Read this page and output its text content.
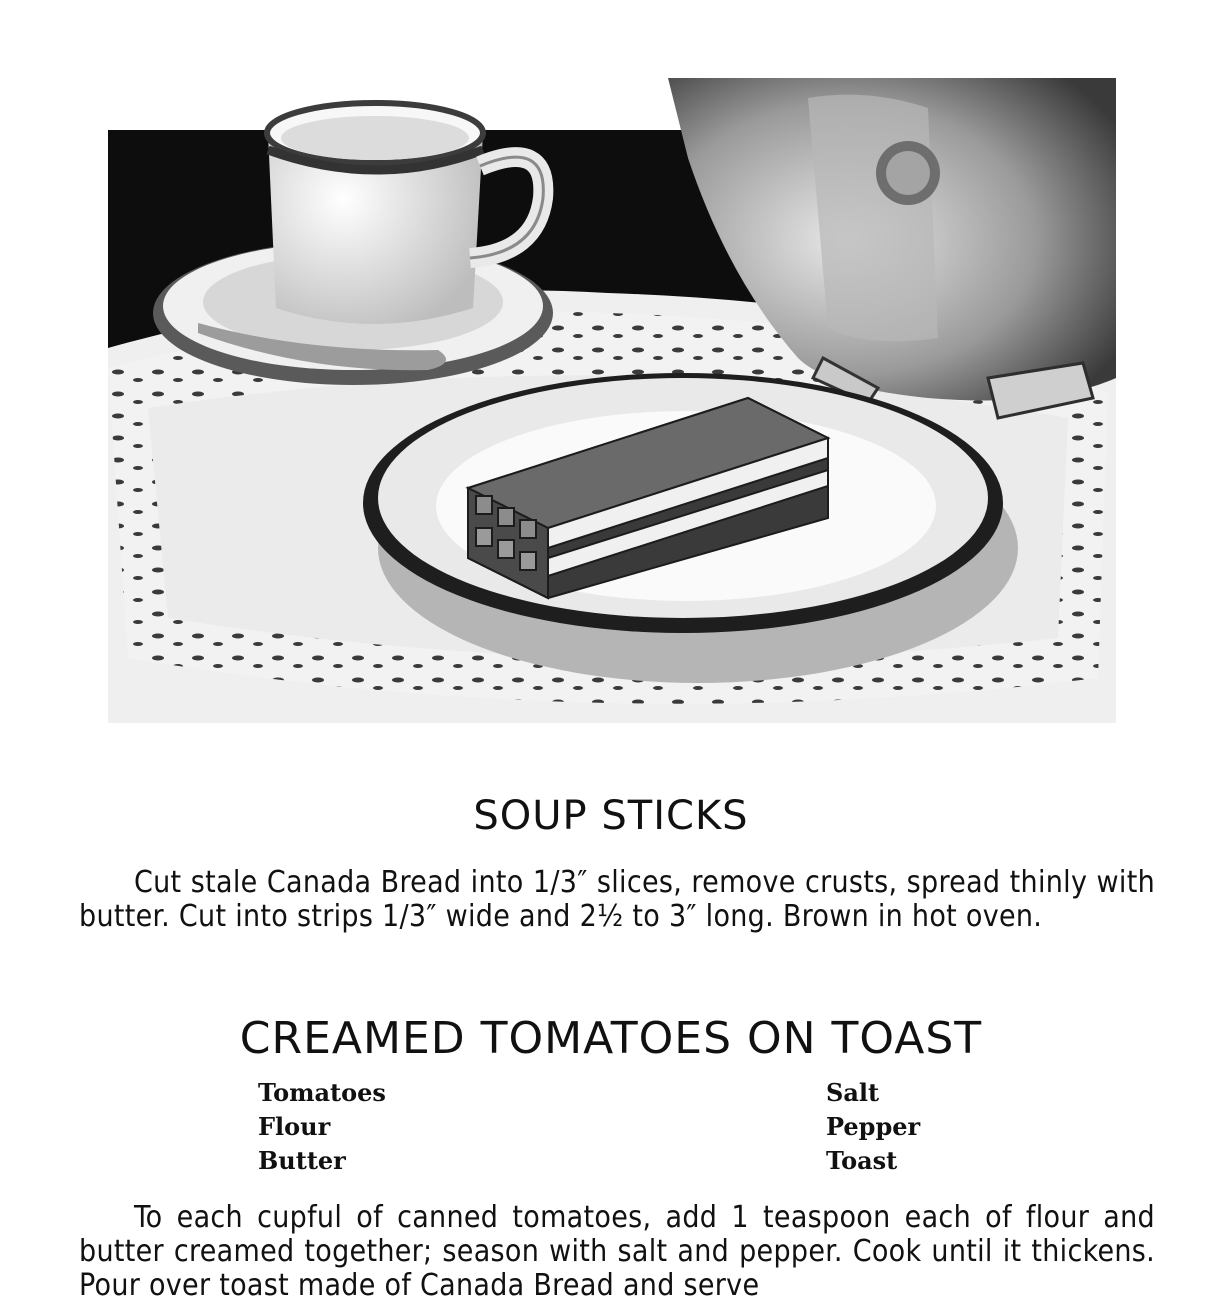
SOUP STICKS

Cut stale Canada Bread into 1/3″ slices, remove crusts, spread thinly with butter. Cut into strips 1/3″ wide and 2½ to 3″ long. Brown in hot oven.

CREAMED TOMATOES ON TOAST
Tomatoes
Flour
Butter
Salt
Pepper
Toast

To each cupful of canned tomatoes, add 1 teaspoon each of flour and butter creamed together; season with salt and pepper. Cook until it thickens. Pour over toast made of Canada Bread and serve
